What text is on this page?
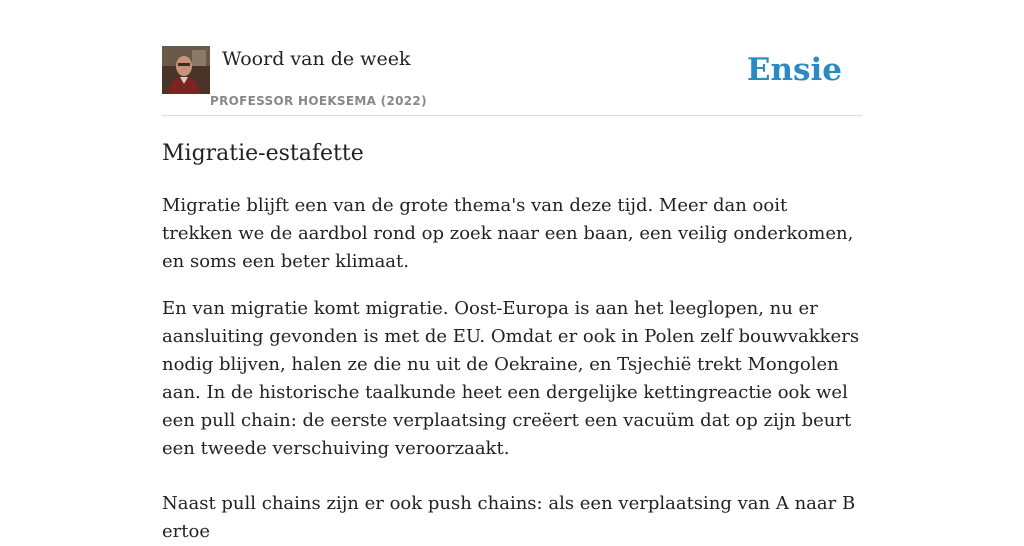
Woord van de week
PROFESSOR HOEKSEMA (2022)
Ensie
Migratie-estafette

Migratie blijft een van de grote thema's van deze tijd. Meer dan ooit trekken we de aardbol rond op zoek naar een baan, een veilig onderkomen, en soms een beter klimaat.

En van migratie komt migratie. Oost-Europa is aan het leeglopen, nu er aansluiting gevonden is met de EU. Omdat er ook in Polen zelf bouwvakkers nodig blijven, halen ze die nu uit de Oekraine, en Tsjechië trekt Mongolen aan. In de historische taalkunde heet een dergelijke kettingreactie ook wel een pull chain: de eerste verplaatsing creëert een vacuüm dat op zijn beurt een tweede verschuiving veroorzaakt.

Naast pull chains zijn er ook push chains: als een verplaatsing van A naar B ertoe
